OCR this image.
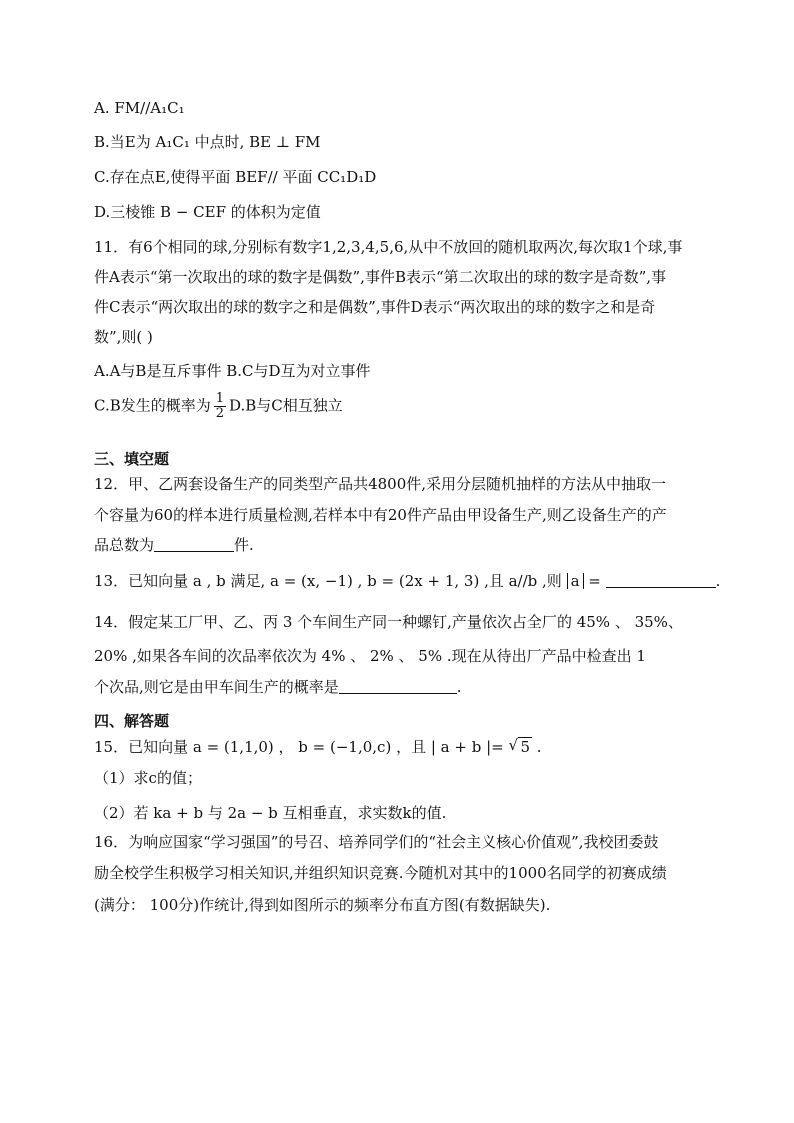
A. FM//A₁C₁
B.当E为 A₁C₁ 中点时, BE ⊥ FM
C.存在点E,使得平面 BEF// 平面 CC₁D₁D
D.三棱锥 B − CEF 的体积为定值
11．有6个相同的球,分别标有数字1,2,3,4,5,6,从中不放回的随机取两次,每次取1个球,事
件A表示“第一次取出的球的数字是偶数”,事件B表示“第二次取出的球的数字是奇数”,事
件C表示“两次取出的球的数字之和是偶数”,事件D表示“两次取出的球的数字之和是奇
数”,则( )
A.A与B是互斥事件 B.C与D互为对立事件
C.B发生的概率为 $\frac{1}{2} D.B$与C相互独立
三、填空题
12．甲、乙两套设备生产的同类型产品共4800件,采用分层随机抽样的方法从中抽取一
个容量为60的样本进行质量检测,若样本中有20件产品由甲设备生产,则乙设备生产的产
品总数为	件.
13．已知向量 a , b 满足, a = (x, −1) , b = (2x + 1, 3) ,且 a//b ,则 a =	.
14．假定某工厂甲、乙、丙 3 个车间生产同一种螺钉,产量依次占全厂的 45% 、 35%、
20% ,如果各车间的次品率依次为 4% 、 2% 、 5% .现在从待出厂产品中检查出 1
个次品,则它是由甲车间生产的概率是	.
四、解答题
15．已知向量 a = (1,1,0) ， b = (−1,0,c) ，且 | a + b |= √ 5 .
（1）求c的值；
（2）若 ka + b 与 2a − b 互相垂直，求实数k的值.
16．为响应国家“学习强国”的号召、培养同学们的“社会主义核心价值观”,我校团委鼓
励全校学生积极学习相关知识,并组织知识竞赛.今随机对其中的1000名同学的初赛成绩
(满分： 100分)作统计,得到如图所示的频率分布直方图(有数据缺失).
